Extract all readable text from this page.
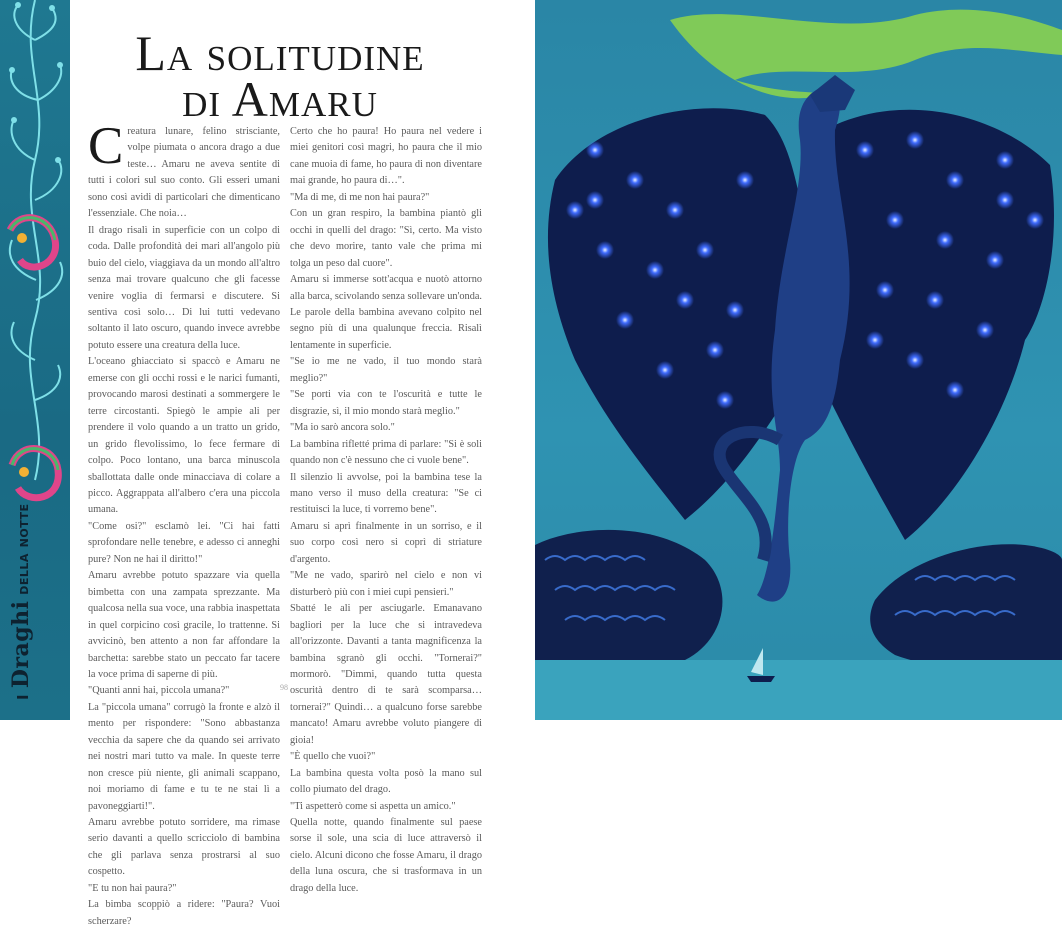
I Draghi DELLA NOTTE
La solitudine
di Amaru

Creatura lunare, felino strisciante, volpe piumata o ancora drago a due teste… Amaru ne aveva sentite di tutti i colori sul suo conto. Gli esseri umani sono così avidi di particolari che dimenticano l'essenziale. Che noia…

Il drago risalì in superficie con un colpo di coda. Dalle profondità dei mari all'angolo più buio del cielo, viaggiava da un mondo all'altro senza mai trovare qualcuno che gli facesse venire voglia di fermarsi e discutere. Si sentiva così solo… Di lui tutti vedevano soltanto il lato oscuro, quando invece avrebbe potuto essere una creatura della luce.

L'oceano ghiacciato si spaccò e Amaru ne emerse con gli occhi rossi e le narici fumanti, provocando marosi destinati a sommergere le terre circostanti. Spiegò le ampie ali per prendere il volo quando a un tratto un grido, un grido flevolissimo, lo fece fermare di colpo. Poco lontano, una barca minuscola sballottata dalle onde minacciava di colare a picco. Aggrappata all'albero c'era una piccola umana.

"Come osi?" esclamò lei. "Ci hai fatti sprofondare nelle tenebre, e adesso ci anneghi pure? Non ne hai il diritto!"

Amaru avrebbe potuto spazzare via quella bimbetta con una zampata sprezzante. Ma qualcosa nella sua voce, una rabbia inaspettata in quel corpicino così gracile, lo trattenne. Si avvicinò, ben attento a non far affondare la barchetta: sarebbe stato un peccato far tacere la voce prima di saperne di più.

"Quanti anni hai, piccola umana?"

La "piccola umana" corrugò la fronte e alzò il mento per rispondere: "Sono abbastanza vecchia da sapere che da quando sei arrivato nei nostri mari tutto va male. In queste terre non cresce più niente, gli animali scappano, noi moriamo di fame e tu te ne stai lì a pavoneggiarti!".

Amaru avrebbe potuto sorridere, ma rimase serio davanti a quello scricciolo di bambina che gli parlava senza prostrarsi al suo cospetto.

"E tu non hai paura?"

La bimba scoppiò a ridere: "Paura? Vuoi scherzare?

Certo che ho paura! Ho paura nel vedere i miei genitori così magri, ho paura che il mio cane muoia di fame, ho paura di non diventare mai grande, ho paura di…".

"Ma di me, di me non hai paura?"

Con un gran respiro, la bambina piantò gli occhi in quelli del drago: "Sì, certo. Ma visto che devo morire, tanto vale che prima mi tolga un peso dal cuore".

Amaru si immerse sott'acqua e nuotò attorno alla barca, scivolando senza sollevare un'onda. Le parole della bambina avevano colpito nel segno più di una qualunque freccia. Risalì lentamente in superficie.

"Se io me ne vado, il tuo mondo starà meglio?"

"Se porti via con te l'oscurità e tutte le disgrazie, sì, il mio mondo starà meglio."

"Ma io sarò ancora solo."

La bambina rifletté prima di parlare: "Si è soli quando non c'è nessuno che ci vuole bene".

Il silenzio li avvolse, poi la bambina tese la mano verso il muso della creatura: "Se ci restituisci la luce, ti vorremo bene".

Amaru si aprì finalmente in un sorriso, e il suo corpo così nero si coprì di striature d'argento.

"Me ne vado, sparirò nel cielo e non vi disturberò più con i miei cupi pensieri."

Sbatté le ali per asciugarle. Emanavano bagliori per la luce che si intravedeva all'orizzonte. Davanti a tanta magnificenza la bambina sgranò gli occhi. "Tornerai?" mormorò. "Dimmi, quando tutta questa oscurità dentro di te sarà scomparsa… tornerai?" Quindi… a qualcuno forse sarebbe mancato! Amaru avrebbe voluto piangere di gioia!

"È quello che vuoi?"

La bambina questa volta posò la mano sul collo piumato del drago.

"Ti aspetterò come si aspetta un amico."

Quella notte, quando finalmente sul paese sorse il sole, una scia di luce attraversò il cielo. Alcuni dicono che fosse Amaru, il drago della luna oscura, che si trasformava in un drago della luce.

98
